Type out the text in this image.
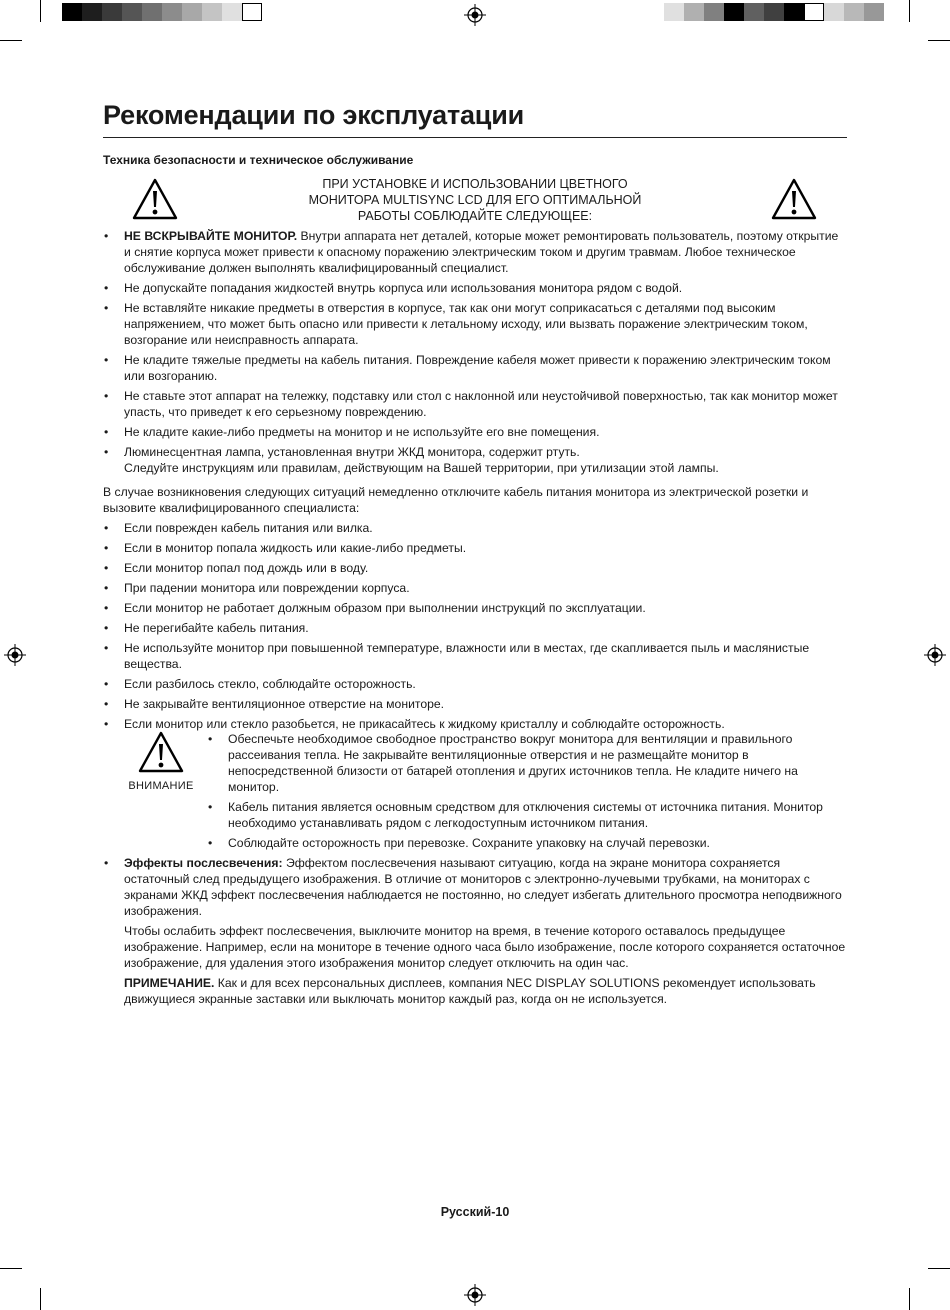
Рекомендации по эксплуатации
Техника безопасности и техническое обслуживание
ПРИ УСТАНОВКЕ И ИСПОЛЬЗОВАНИИ ЦВЕТНОГО
МОНИТОРА MULTISYNC LCD ДЛЯ ЕГО ОПТИМАЛЬНОЙ
РАБОТЫ СОБЛЮДАЙТЕ СЛЕДУЮЩЕЕ:
• НЕ ВСКРЫВАЙТЕ МОНИТОР. Внутри аппарата нет деталей, которые может ремонтировать пользователь, поэтому открытие и снятие корпуса может привести к опасному поражению электрическим током и другим травмам. Любое техническое обслуживание должен выполнять квалифицированный специалист.
• Не допускайте попадания жидкостей внутрь корпуса или использования монитора рядом с водой.
• Не вставляйте никакие предметы в отверстия в корпусе, так как они могут соприкасаться с деталями под высоким напряжением, что может быть опасно или привести к летальному исходу, или вызвать поражение электрическим током, возгорание или неисправность аппарата.
• Не кладите тяжелые предметы на кабель питания. Повреждение кабеля может привести к поражению электрическим током или возгоранию.
• Не ставьте этот аппарат на тележку, подставку или стол с наклонной или неустойчивой поверхностью, так как монитор может упасть, что приведет к его серьезному повреждению.
• Не кладите какие-либо предметы на монитор и не используйте его вне помещения.
• Люминесцентная лампа, установленная внутри ЖКД монитора, содержит ртуть.
Следуйте инструкциям или правилам, действующим на Вашей территории, при утилизации этой лампы.

В случае возникновения следующих ситуаций немедленно отключите кабель питания монитора из электрической розетки и вызовите квалифицированного специалиста:

• Если поврежден кабель питания или вилка.
• Если в монитор попала жидкость или какие-либо предметы.
• Если монитор попал под дождь или в воду.
• При падении монитора или повреждении корпуса.
• Если монитор не работает должным образом при выполнении инструкций по эксплуатации.
• Не перегибайте кабель питания.
• Не используйте монитор при повышенной температуре, влажности или в местах, где скапливается пыль и маслянистые вещества.
• Если разбилось стекло, соблюдайте осторожность.
• Не закрывайте вентиляционное отверстие на мониторе.
• Если монитор или стекло разобьется, не прикасайтесь к жидкому кристаллу и соблюдайте осторожность.
ВНИМАНИЕ
• Обеспечьте необходимое свободное пространство вокруг монитора для вентиляции и правильного рассеивания тепла. Не закрывайте вентиляционные отверстия и не размещайте монитор в непосредственной близости от батарей отопления и других источников тепла. Не кладите ничего на монитор.
• Кабель питания является основным средством для отключения системы от источника питания. Монитор необходимо устанавливать рядом с легкодоступным источником питания.
• Соблюдайте осторожность при перевозке. Сохраните упаковку на случай перевозки.
• Эффекты послесвечения: Эффектом послесвечения называют ситуацию, когда на экране монитора сохраняется остаточный след предыдущего изображения. В отличие от мониторов с электронно-лучевыми трубками, на мониторах с экранами ЖКД эффект послесвечения наблюдается не постоянно, но следует избегать длительного просмотра неподвижного изображения.
Чтобы ослабить эффект послесвечения, выключите монитор на время, в течение которого оставалось предыдущее изображение. Например, если на мониторе в течение одного часа было изображение, после которого сохраняется остаточное изображение, для удаления этого изображения монитор следует отключить на один час.
ПРИМЕЧАНИЕ. Как и для всех персональных дисплеев, компания NEC DISPLAY SOLUTIONS рекомендует использовать движущиеся экранные заставки или выключать монитор каждый раз, когда он не используется.
Русский-10
